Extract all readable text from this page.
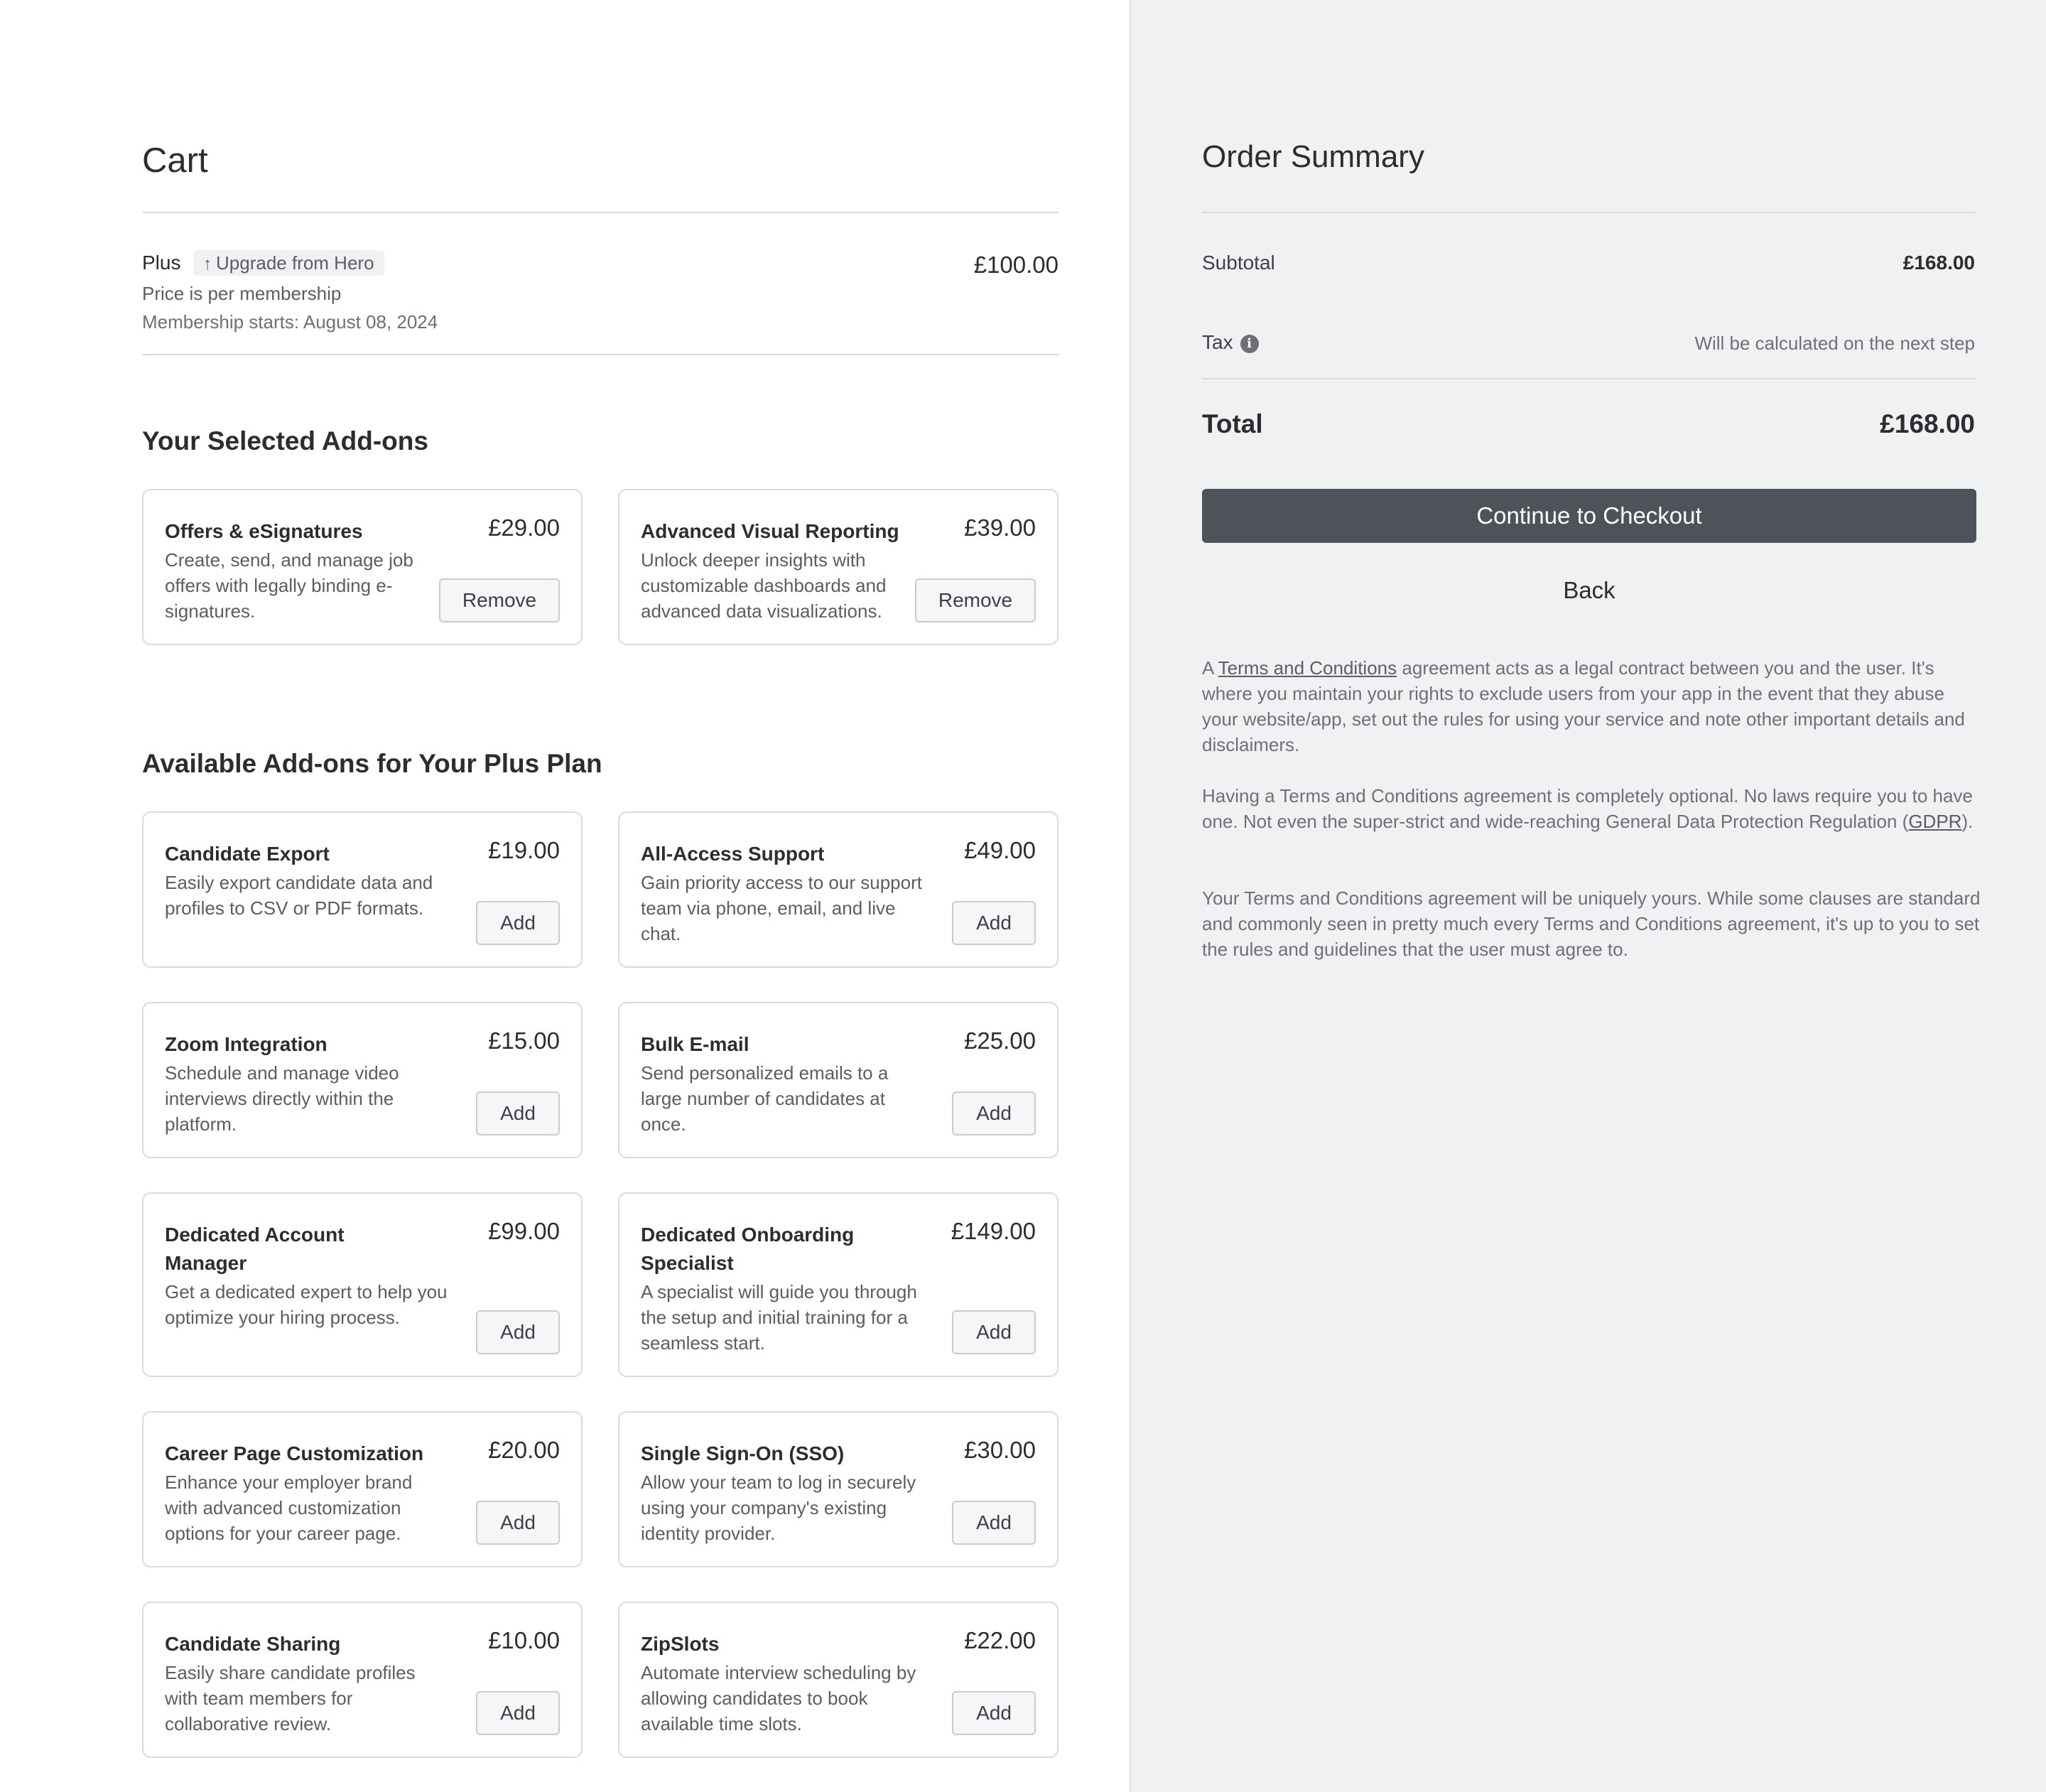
Cart
Plus	↑ Upgrade from Hero
Price is per membership
Membership starts: August 08, 2024
£100.00
Your Selected Add-ons
Offers & eSignatures	£29.00
Create, send, and manage job offers with legally binding e-signatures.	Remove
Advanced Visual Reporting	£39.00
Unlock deeper insights with customizable dashboards and advanced data visualizations.	Remove
Available Add-ons for Your Plus Plan
Candidate Export	£19.00
Easily export candidate data and profiles to CSV or PDF formats.
Add
All-Access Support	£49.00
Gain priority access to our support team via phone, email, and live chat.	Add
Zoom Integration	£15.00
Schedule and manage video interviews directly within the platform.	Add
Bulk E-mail	£25.00
Send personalized emails to a large number of candidates at once.	Add
Dedicated Account Manager
£99.00
Get a dedicated expert to help you optimize your hiring process.
Add
Dedicated Onboarding Specialist
£149.00
A specialist will guide you through the setup and initial training for a seamless start.	Add
Career Page Customization	£20.00
Enhance your employer brand with advanced customization options for your career page.	Add
Single Sign-On (SSO)	£30.00
Allow your team to log in securely using your company's existing identity provider.	Add
Candidate Sharing	£10.00
Easily share candidate profiles with team members for collaborative review.	Add
ZipSlots	£22.00
Automate interview scheduling by allowing candidates to book available time slots.	Add
Order Summary
Subtotal	£168.00
Tax i	Will be calculated on the next step
Total	£168.00
Continue to Checkout
Back

A Terms and Conditions agreement acts as a legal contract between you and the user. It's where you maintain your rights to exclude users from your app in the event that they abuse your website/app, set out the rules for using your service and note other important details and disclaimers.

Having a Terms and Conditions agreement is completely optional. No laws require you to have one. Not even the super-strict and wide-reaching General Data Protection Regulation (GDPR).

Your Terms and Conditions agreement will be uniquely yours. While some clauses are standard and commonly seen in pretty much every Terms and Conditions agreement, it's up to you to set the rules and guidelines that the user must agree to.
